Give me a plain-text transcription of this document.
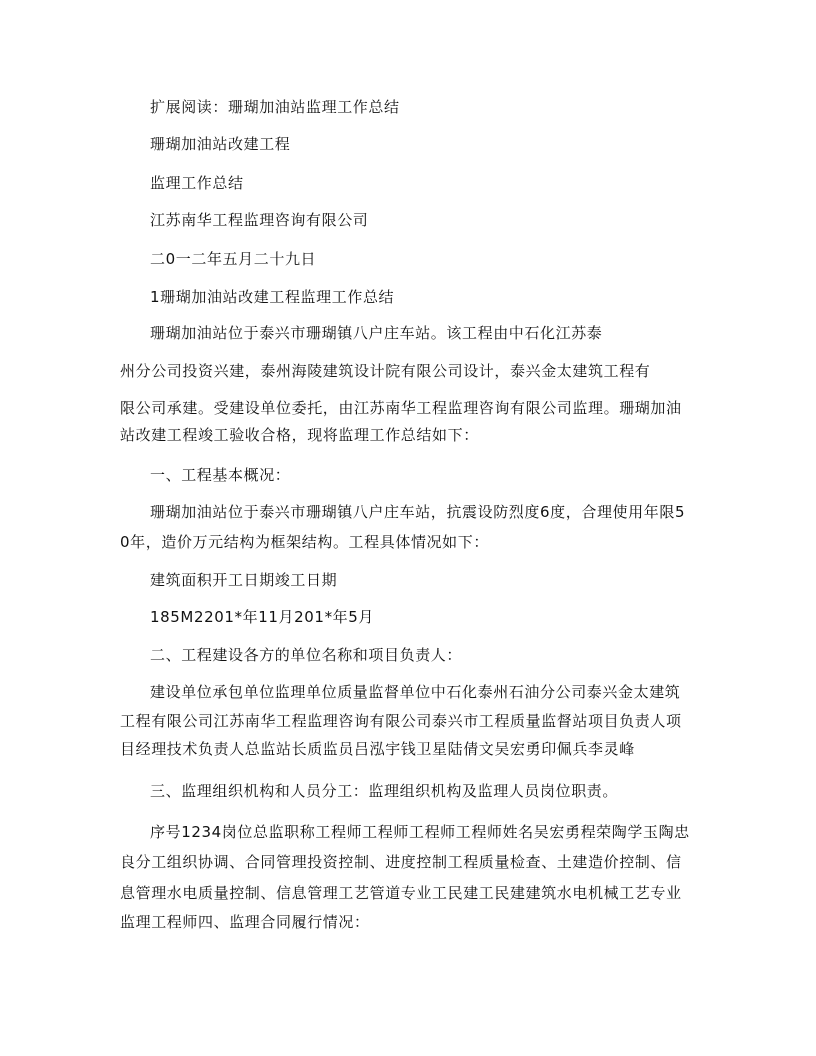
扩展阅读：珊瑚加油站监理工作总结
珊瑚加油站改建工程
监理工作总结
江苏南华工程监理咨询有限公司
二0一二年五月二十九日
1珊瑚加油站改建工程监理工作总结
珊瑚加油站位于泰兴市珊瑚镇八户庄车站。该工程由中石化江苏泰
州分公司投资兴建，泰州海陵建筑设计院有限公司设计，泰兴金太建筑工程有
限公司承建。受建设单位委托，由江苏南华工程监理咨询有限公司监理。珊瑚加油
站改建工程竣工验收合格，现将监理工作总结如下：
一、工程基本概况：
珊瑚加油站位于泰兴市珊瑚镇八户庄车站，抗震设防烈度6度，合理使用年限5
0年，造价万元结构为框架结构。工程具体情况如下：
建筑面积开工日期竣工日期
185M2201*年11月201*年5月
二、工程建设各方的单位名称和项目负责人：
建设单位承包单位监理单位质量监督单位中石化泰州石油分公司泰兴金太建筑
工程有限公司江苏南华工程监理咨询有限公司泰兴市工程质量监督站项目负责人项
目经理技术负责人总监站长质监员吕泓宇钱卫星陆倩文吴宏勇印佩兵李灵峰
三、监理组织机构和人员分工：监理组织机构及监理人员岗位职责。
序号1234岗位总监职称工程师工程师工程师工程师姓名吴宏勇程荣陶学玉陶忠
良分工组织协调、合同管理投资控制、进度控制工程质量检查、土建造价控制、信
息管理水电质量控制、信息管理工艺管道专业工民建工民建建筑水电机械工艺专业
监理工程师四、监理合同履行情况：
